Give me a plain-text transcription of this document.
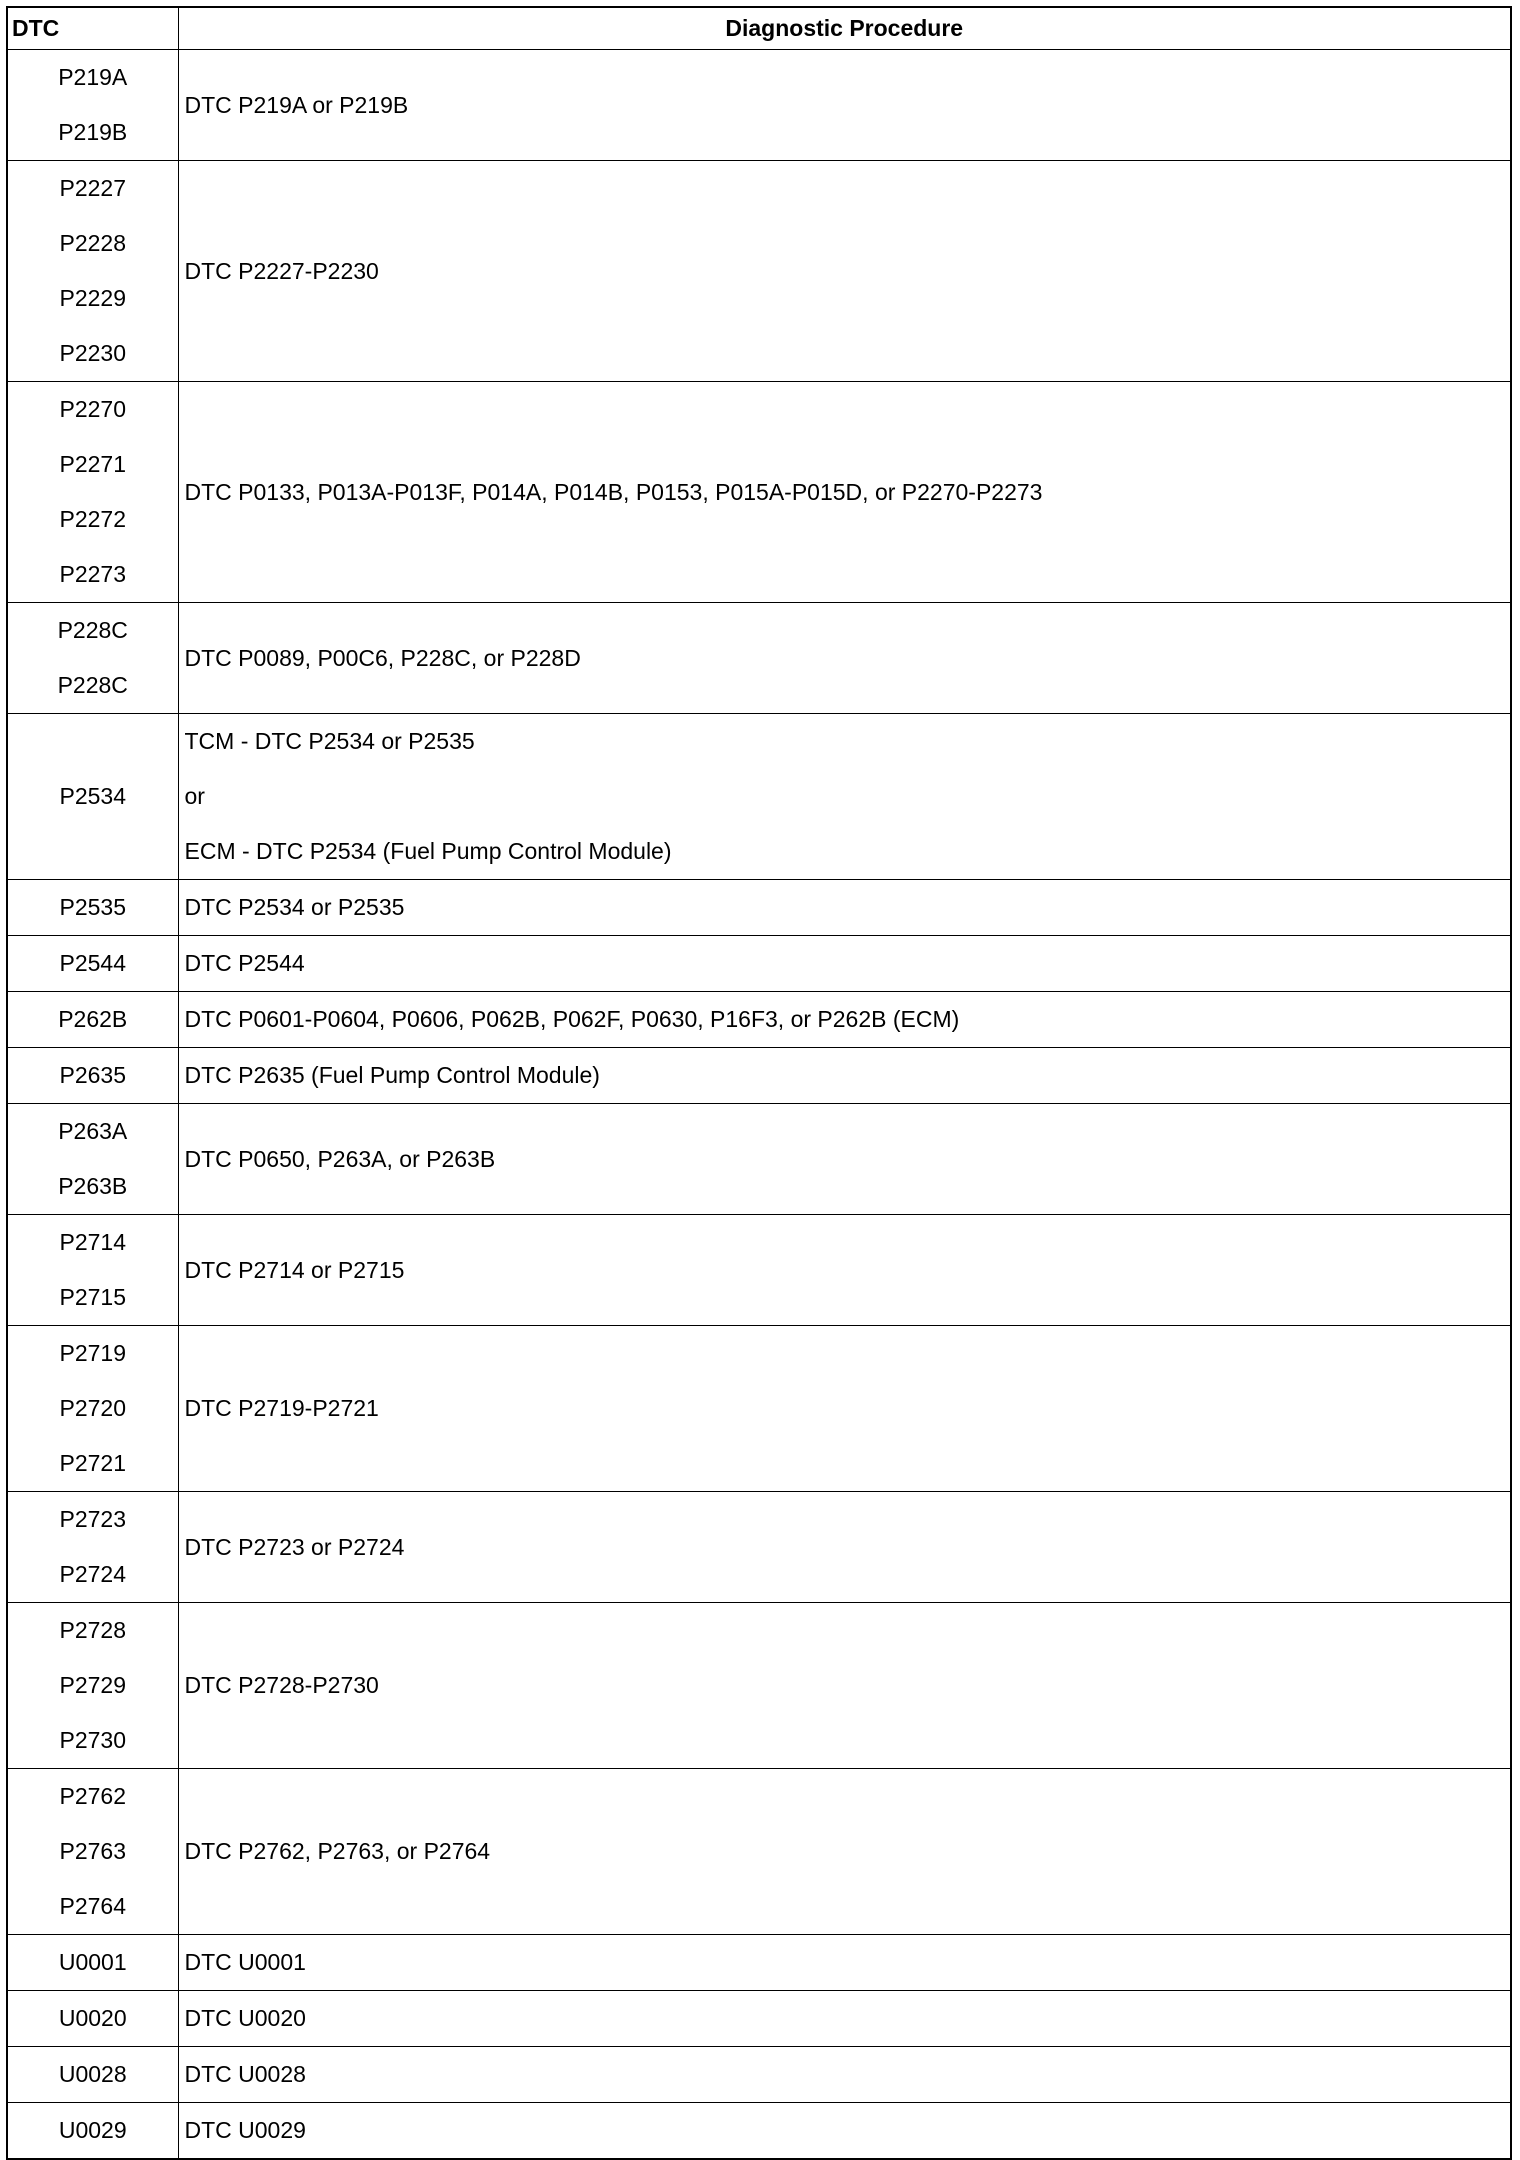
DTC	Diagnostic Procedure

P219A
P219B	DTC P219A or P219B

P2227
P2228
P2229
P2230	DTC P2227-P2230

P2270
P2271
P2272
P2273	DTC P0133, P013A-P013F, P014A, P014B, P0153, P015A-P015D, or P2270-P2273

P228C
P228C	DTC P0089, P00C6, P228C, or P228D

P2534	TCM - DTC P2534 or P2535
or
ECM - DTC P2534 (Fuel Pump Control Module)

P2535	DTC P2534 or P2535

P2544	DTC P2544

P262B	DTC P0601-P0604, P0606, P062B, P062F, P0630, P16F3, or P262B (ECM)

P2635	DTC P2635 (Fuel Pump Control Module)

P263A
P263B	DTC P0650, P263A, or P263B

P2714
P2715	DTC P2714 or P2715

P2719
P2720
P2721	DTC P2719-P2721

P2723
P2724	DTC P2723 or P2724

P2728
P2729
P2730	DTC P2728-P2730

P2762
P2763
P2764	DTC P2762, P2763, or P2764

U0001	DTC U0001

U0020	DTC U0020

U0028	DTC U0028

U0029	DTC U0029
